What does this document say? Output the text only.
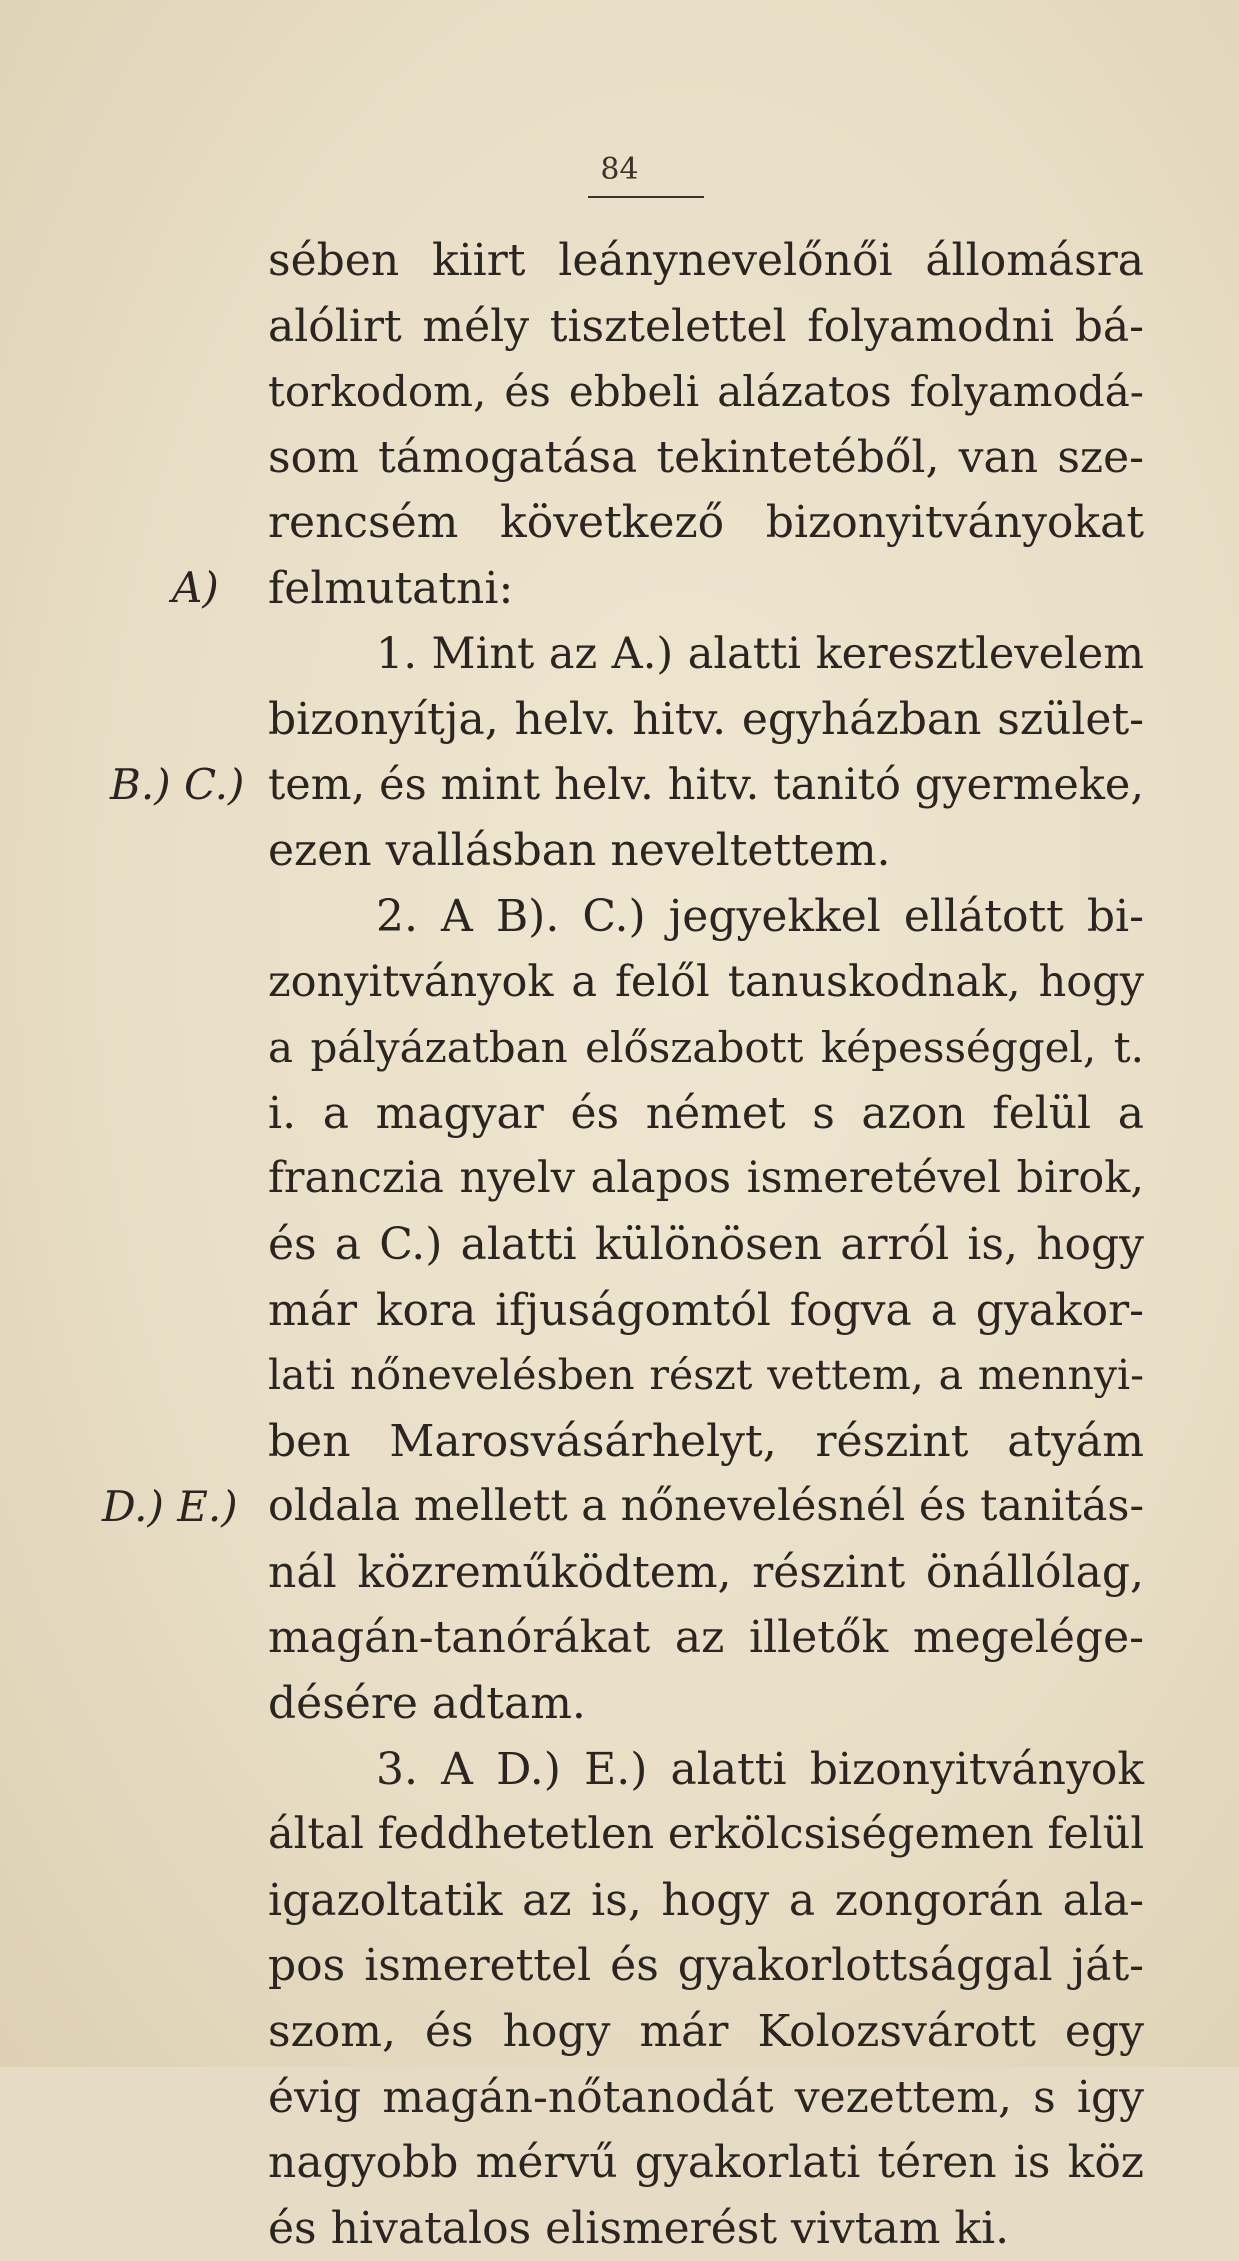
84
A)
B.) C.)
D.) E.)
sében kiirt leánynevelőnői állomásra
alólirt mély tisztelettel folyamodni bá-
torkodom, és ebbeli alázatos folyamodá-
som támogatása tekintetéből, van sze-
rencsém következő bizonyitványokat
felmutatni:
1. Mint az A.) alatti keresztlevelem
bizonyítja, helv. hitv. egyházban szület-
tem, és mint helv. hitv. tanitó gyermeke,
ezen vallásban neveltettem.
2. A B). C.) jegyekkel ellátott bi-
zonyitványok a felől tanuskodnak, hogy
a pályázatban előszabott képességgel, t.
i. a magyar és német s azon felül a
franczia nyelv alapos ismeretével birok,
és a C.) alatti különösen arról is, hogy
már kora ifjuságomtól fogva a gyakor-
lati nőnevelésben részt vettem, a mennyi-
ben Marosvásárhelyt, részint atyám
oldala mellett a nőnevelésnél és tanitás-
nál közreműködtem, részint önállólag,
magán-tanórákat az illetők megelége-
désére adtam.
3. A D.) E.) alatti bizonyitványok
által feddhetetlen erkölcsiségemen felül
igazoltatik az is, hogy a zongorán ala-
pos ismerettel és gyakorlottsággal ját-
szom, és hogy már Kolozsvárott egy
évig magán-nőtanodát vezettem, s igy
nagyobb mérvű gyakorlati téren is köz
és hivatalos elismerést vivtam ki.
